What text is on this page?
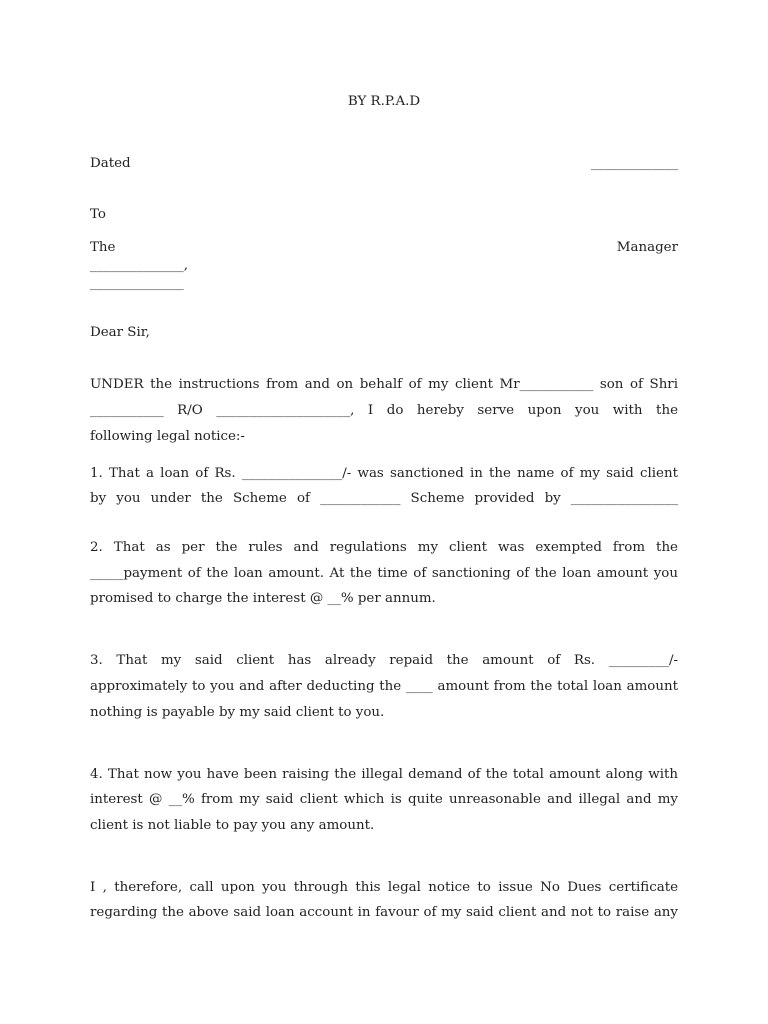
BY R.P.A.D
Dated	_____________
To
The	Manager
______________,
______________
Dear Sir,
UNDER the instructions from and on behalf of my client Mr___________ son of Shri
___________ R/O ____________________, I do hereby serve upon you with the
following legal notice:-
1. That a loan of Rs. _______________/- was sanctioned in the name of my said client
by you under the Scheme of ____________ Scheme provided by ________________
2. That as per the rules and regulations my client was exempted from the
_____payment of the loan amount. At the time of sanctioning of the loan amount you
promised to charge the interest @ __% per annum.
3. That my said client has already repaid the amount of Rs. _________/-
approximately to you and after deducting the ____ amount from the total loan amount
nothing is payable by my said client to you.
4. That now you have been raising the illegal demand of the total amount along with
interest @ __% from my said client which is quite unreasonable and illegal and my
client is not liable to pay you any amount.
I , therefore, call upon you through this legal notice to issue No Dues certificate
regarding the above said loan account in favour of my said client and not to raise any
